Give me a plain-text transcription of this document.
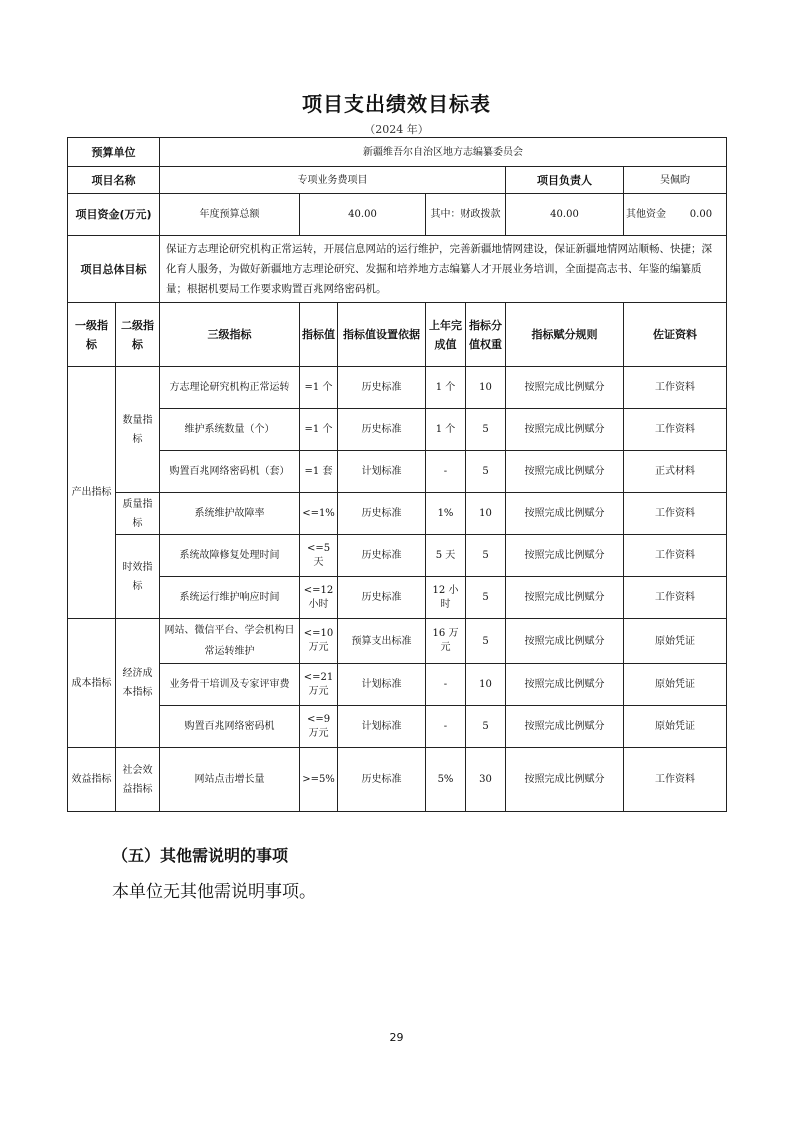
项目支出绩效目标表
（2024 年）
预算单位		新疆维吾尔自治区地方志编纂委员会						
项目名称		专项业务费项目					项目负责人	吴佩昀
项目资金(万元)		年度预算总额	40.00		其中：财政拨款		40.00	其他资金 0.00

项目总体目标		保证方志理论研究机构正常运转，开展信息网站的运行维护，完善新疆地情网建设，保证新疆地情网站顺畅、快捷；深化育人服务，为做好新疆地方志理论研究、发掘和培养地方志编纂人才开展业务培训，全面提高志书、年鉴的编纂质量；根据机要局工作要求购置百兆网络密码机。						
一级指标	二级指标	三级指标	指标值	指标值设置依据	上年完成值	指标分值权重	指标赋分规则	佐证资料
产出指标	数量指标	方志理论研究机构正常运转	=1 个	历史标准	1 个	10	按照完成比例赋分	工作资料
		维护系统数量（个）	=1 个	历史标准	1 个	5	按照完成比例赋分	工作资料
		购置百兆网络密码机（套）	=1 套	计划标准	-	5	按照完成比例赋分	正式材料
	质量指标	系统维护故障率	<=1%	历史标准	1%	10	按照完成比例赋分	工作资料
	时效指标	系统故障修复处理时间	<=5 天	历史标准	5 天	5	按照完成比例赋分	工作资料
		系统运行维护响应时间	<=12 小时	历史标准	12 小时	5	按照完成比例赋分	工作资料
成本指标	经济成本指标	网站、微信平台、学会机构日常运转维护	<=10 万元	预算支出标准	16 万元	5	按照完成比例赋分	原始凭证
		业务骨干培训及专家评审费	<=21 万元	计划标准	-	10	按照完成比例赋分	原始凭证
		购置百兆网络密码机	<=9 万元	计划标准	-	5	按照完成比例赋分	原始凭证
效益指标	社会效益指标	网站点击增长量	>=5%	历史标准	5%	30	按照完成比例赋分	工作资料
（五）其他需说明的事项
本单位无其他需说明事项。
29
